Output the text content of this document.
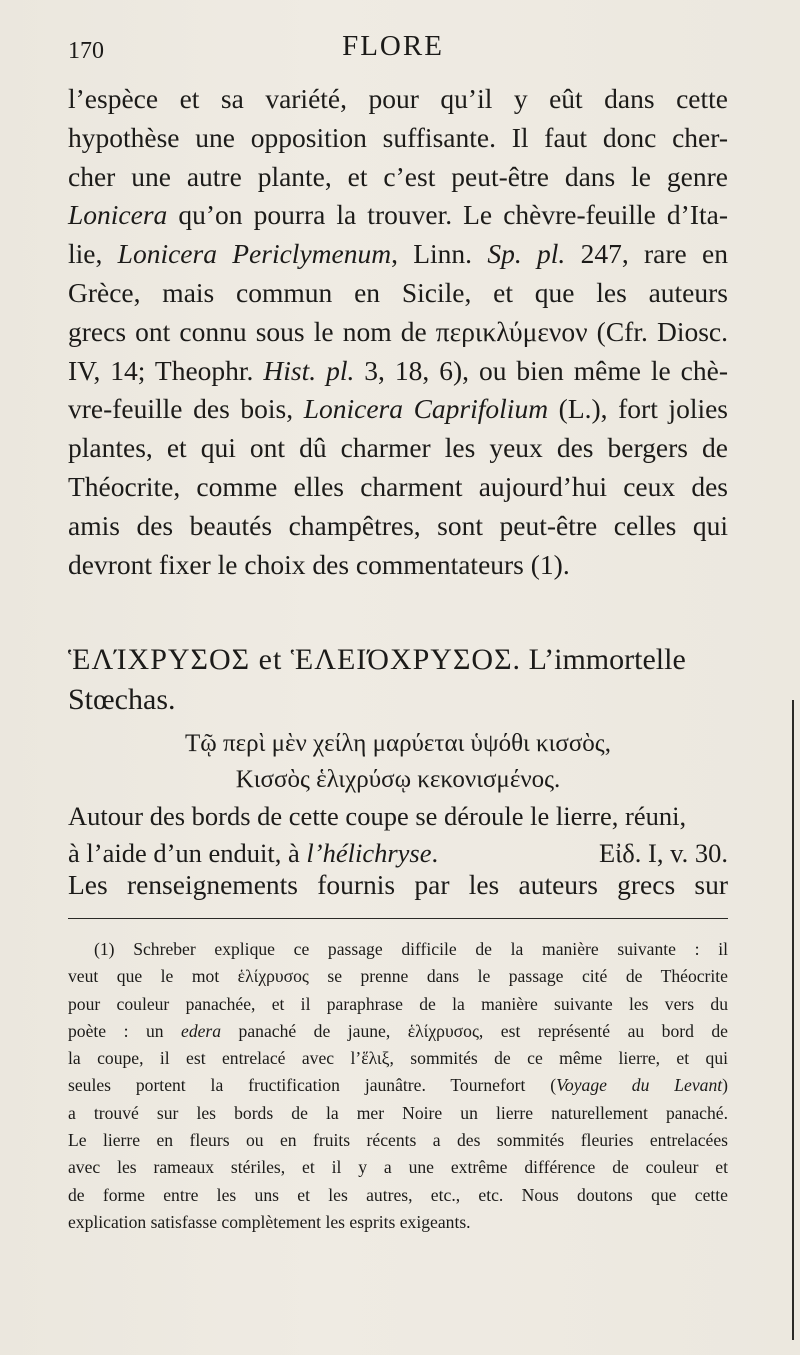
170	FLORE
l’espèce et sa variété, pour qu’il y eût dans cette
hypothèse une opposition suffisante. Il faut donc cher-
cher une autre plante, et c’est peut-être dans le genre
Lonicera qu’on pourra la trouver. Le chèvre-feuille d’Ita-
lie, Lonicera Periclymenum, Linn. Sp. pl. 247, rare en
Grèce, mais commun en Sicile, et que les auteurs
grecs ont connu sous le nom de περικλύμενον (Cfr. Diosc.
IV, 14; Theophr. Hist. pl. 3, 18, 6), ou bien même le chè-
vre-feuille des bois, Lonicera Caprifolium (L.), fort jolies
plantes, et qui ont dû charmer les yeux des bergers de
Théocrite, comme elles charment aujourd’hui ceux des
amis des beautés champêtres, sont peut-être celles qui
devront fixer le choix des commentateurs (1).
ἙΛΊΧΡΥΣΟΣ et ἙΛΕΙΌΧΡΥΣΟΣ. L’immortelle
Stœchas.
Τῷ περὶ μὲν χείλη μαρύεται ὑψόθι κισσὸς,
Κισσὸς ἑλιχρύσῳ κεκονισμένος.
Autour des bords de cette coupe se déroule le lierre, réuni,
à l’aide d’un enduit, à l’hélichryse.	Εἰδ. I, v. 30.
Les renseignements fournis par les auteurs grecs sur
(1) Schreber explique ce passage difficile de la manière suivante : il
veut que le mot ἑλίχρυσος se prenne dans le passage cité de Théocrite
pour couleur panachée, et il paraphrase de la manière suivante les vers du
poète : un edera panaché de jaune, ἑλίχρυσος, est représenté au bord de
la coupe, il est entrelacé avec l’ἕλιξ, sommités de ce même lierre, et qui
seules portent la fructification jaunâtre. Tournefort (Voyage du Levant)
a trouvé sur les bords de la mer Noire un lierre naturellement panaché.
Le lierre en fleurs ou en fruits récents a des sommités fleuries entrelacées
avec les rameaux stériles, et il y a une extrême différence de couleur et
de forme entre les uns et les autres, etc., etc. Nous doutons que cette
explication satisfasse complètement les esprits exigeants.
